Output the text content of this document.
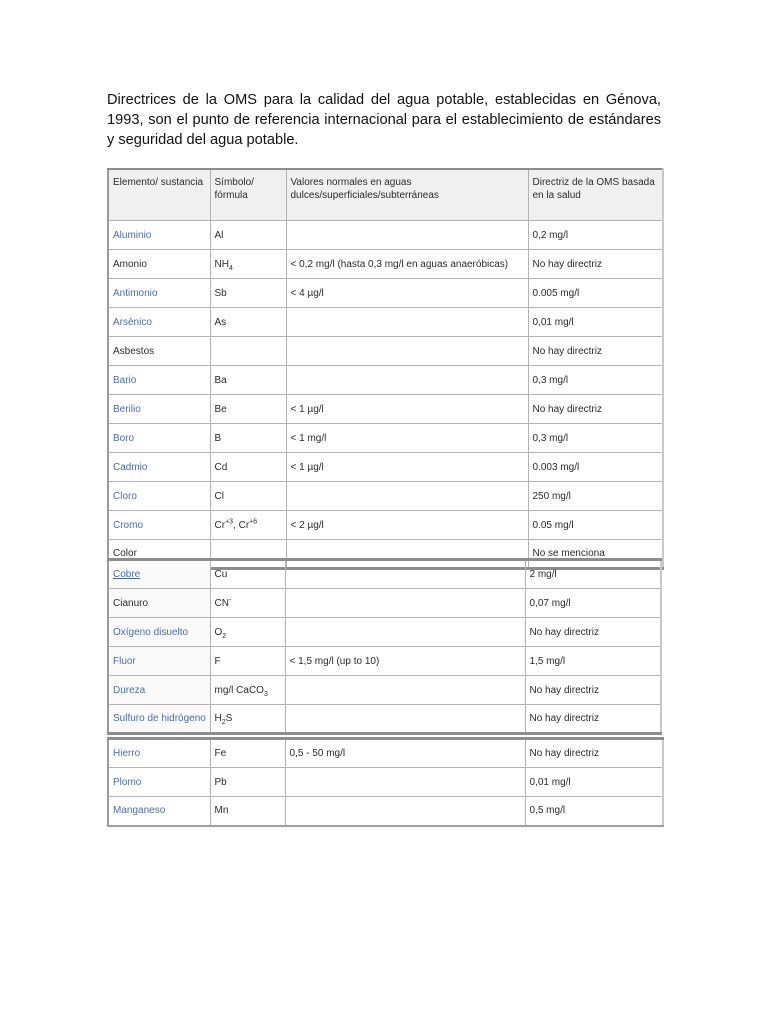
Directrices de la OMS para la calidad del agua potable, establecidas en Génova, 1993, son el punto de referencia internacional para el establecimiento de estándares y seguridad del agua potable.

Elemento/ sustancia	Símbolo/ fórmula	Valores normales en aguas dulces/superficiales/subterráneas	Directriz de la OMS basada en la salud
Aluminio	Al		0,2 mg/l
Amonio	$NH_4$	< 0,2 mg/l (hasta 0,3 mg/l en aguas anaeróbicas)	No hay directriz
Antimonio	Sb	< 4 µg/l	0.005 mg/l
Arsénico	As		0,01 mg/l
Asbestos			No hay directriz
Bario	Ba		0,3 mg/l
Berilio	Be	< 1 µg/l	No hay directriz
Boro	B	< 1 mg/l	0,3 mg/l
Cadmio	Cd	< 1 µg/l	0.003 mg/l
Cloro	Cl		250 mg/l
Cromo	$Cr^{+3}$, $Cr^{+6}$	< 2 µg/l	0.05 mg/l
Color			No se menciona
Cobre	Cu		2 mg/l
Cianuro	CN-		0,07 mg/l
Oxígeno disuelto	$O_2$		No hay directriz
Fluor	F	< 1,5 mg/l (up to 10)	1,5 mg/l
Dureza	mg/l CaCO$_3$		No hay directriz
Sulfuro de hidrógeno	$H_2S$		No hay directriz
Hierro	Fe	0,5 - 50 mg/l	No hay directriz
Plomo	Pb		0,01 mg/l
Manganeso	Mn		0,5 mg/l
